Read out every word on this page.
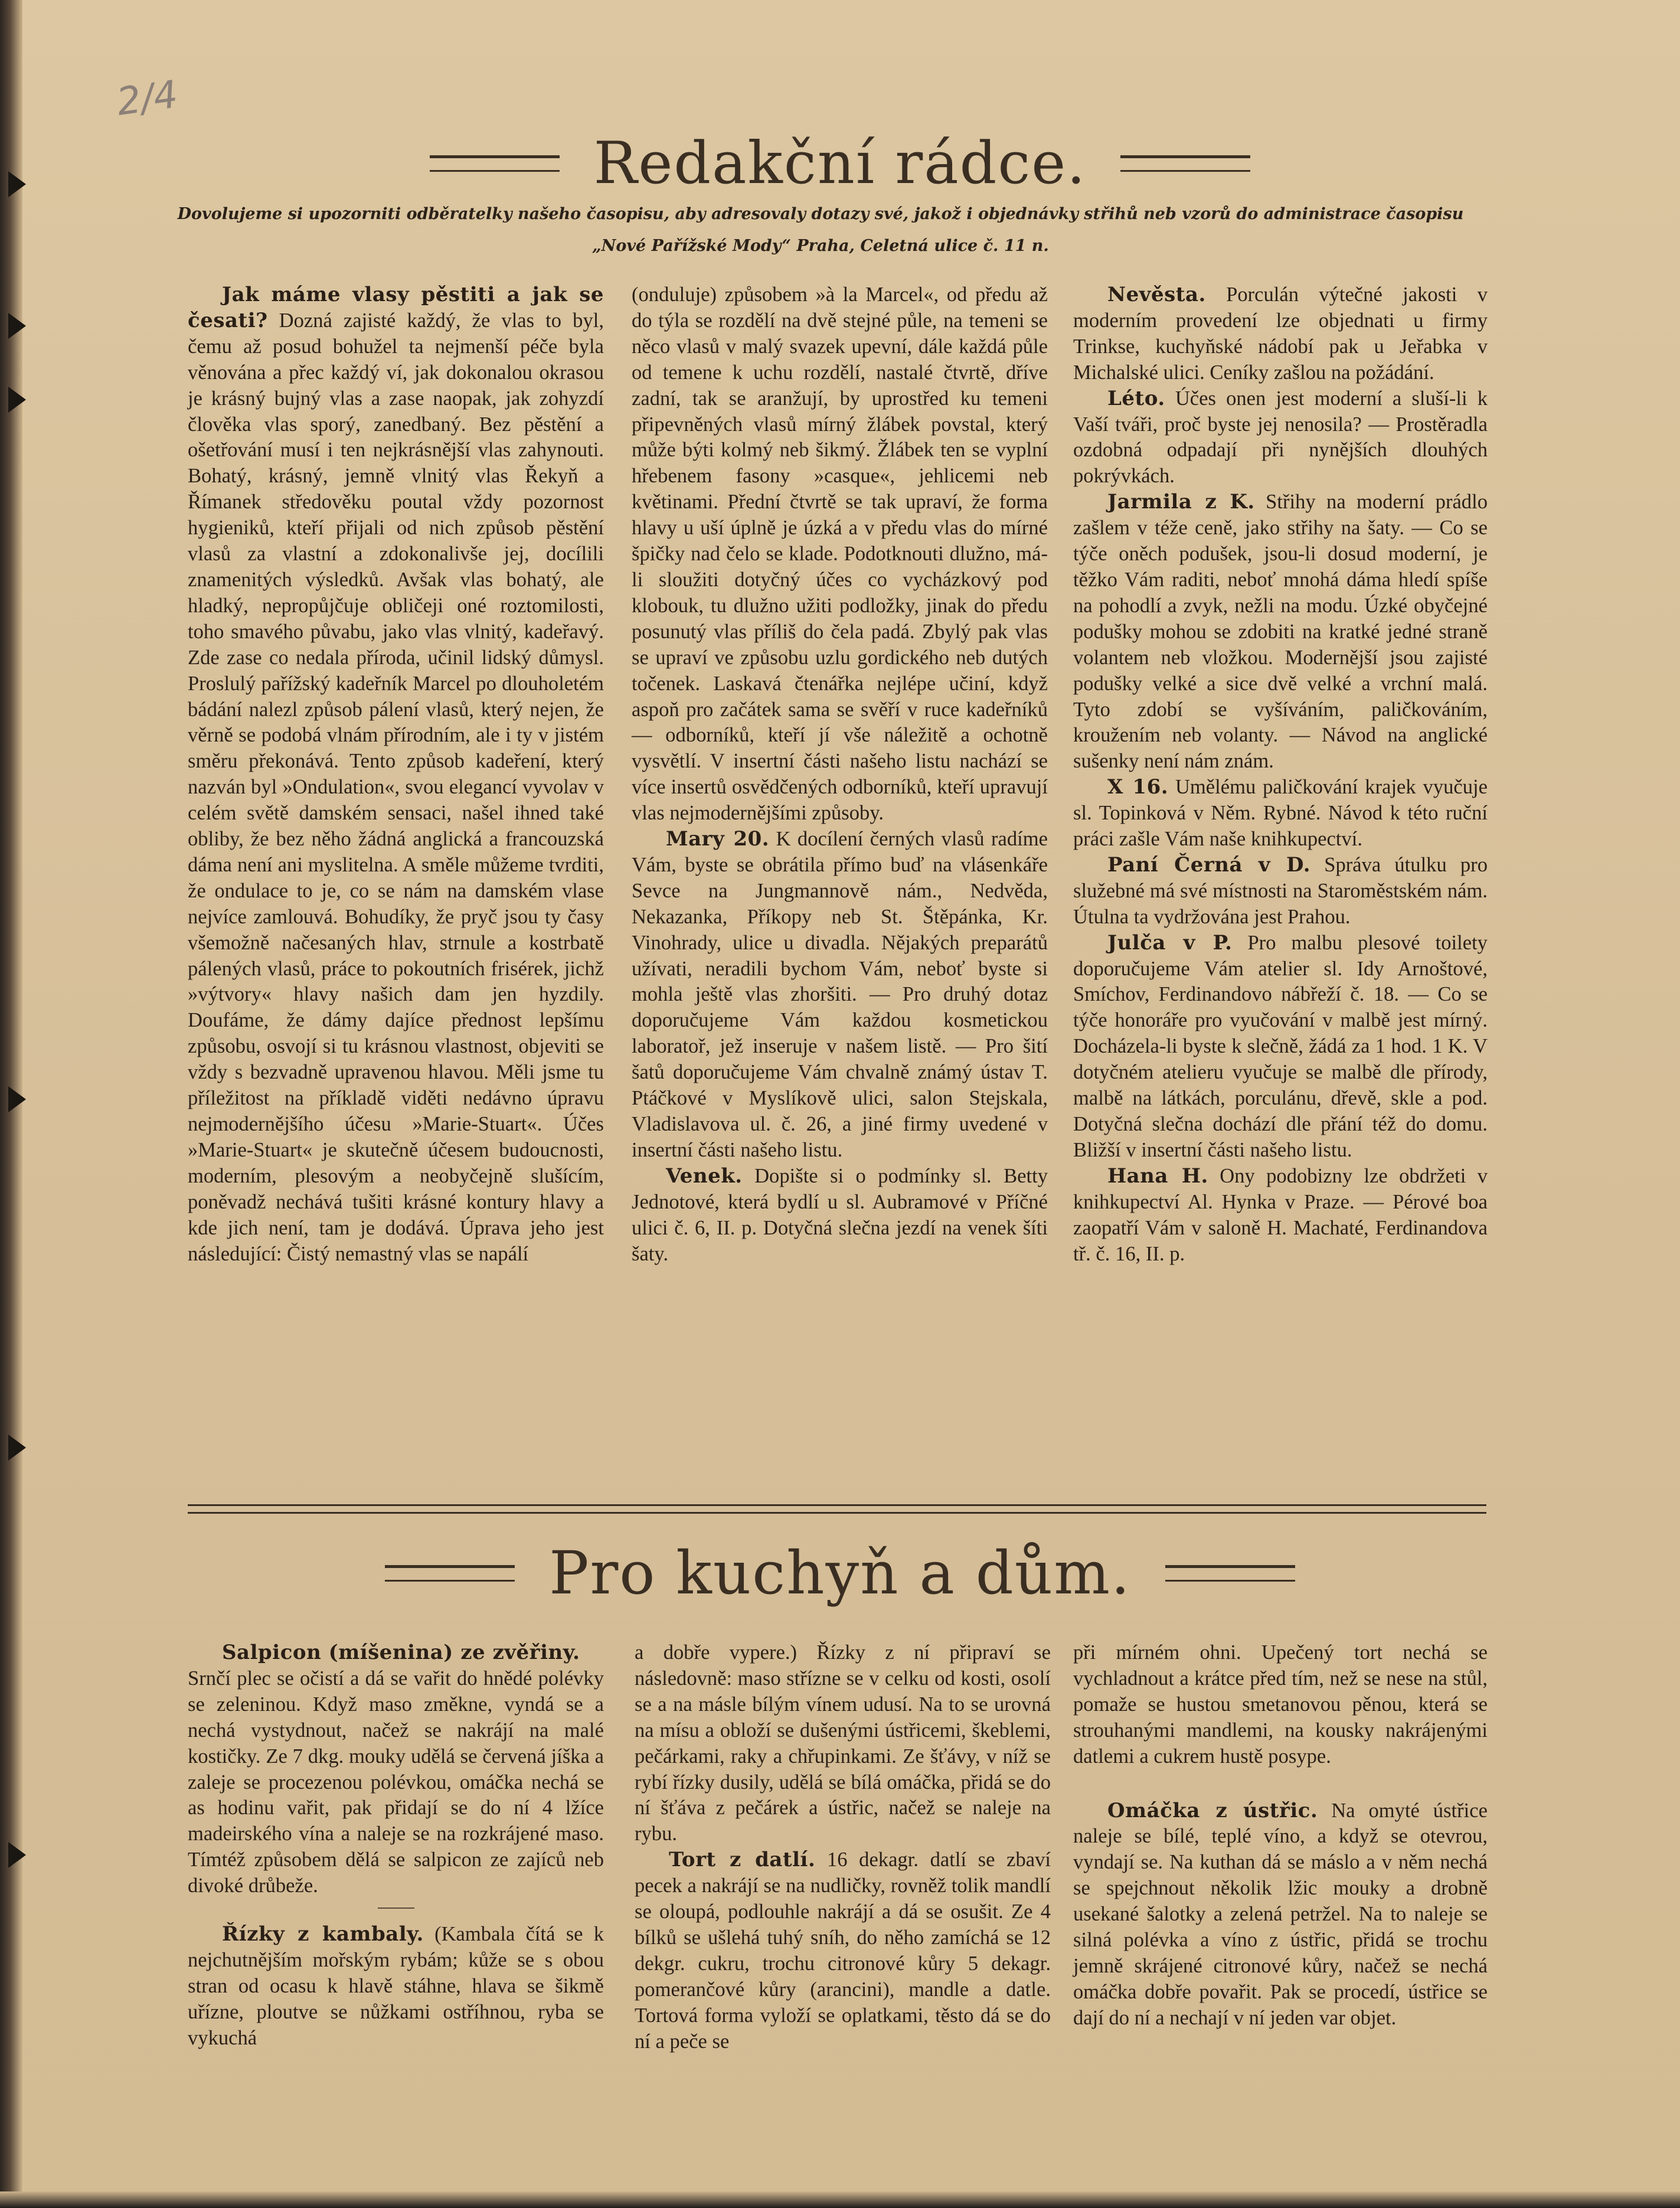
2/4
Redakční rádce.
Dovolujeme si upozorniti odběratelky našeho časopisu, aby adresovaly dotazy své, jakož i objednávky střihů neb vzorů do administrace časopisu „Nové Pařížské Mody“ Praha, Celetná ulice č. 11 n.

Jak máme vlasy pěstiti a jak se česati? Dozná zajisté každý, že vlas to byl, čemu až posud bohužel ta nejmenší péče byla věnována a přec každý ví, jak dokonalou okrasou je krásný bujný vlas a zase naopak, jak zohyzdí člověka vlas sporý, zanedbaný. Bez pěstění a ošetřování musí i ten nejkrásnější vlas zahynouti. Bohatý, krásný, jemně vlnitý vlas Řekyň a Římanek středověku poutal vždy pozornost hygieniků, kteří přijali od nich způsob pěstění vlasů za vlastní a zdokonalivše jej, docílili znamenitých výsledků. Avšak vlas bohatý, ale hladký, nepropůjčuje obličeji oné roztomilosti, toho smavého půvabu, jako vlas vlnitý, kadeřavý. Zde zase co nedala příroda, učinil lidský důmysl. Proslulý pařížský kadeřník Marcel po dlouholetém bádání nalezl způsob pálení vlasů, který nejen, že věrně se podobá vlnám přírodním, ale i ty v jistém směru překonává. Tento způsob kadeření, který nazván byl »Ondulation«, svou elegancí vyvolav v celém světě damském sensaci, našel ihned také obliby, že bez něho žádná anglická a francouzská dáma není ani myslitelna. A směle můžeme tvrditi, že ondulace to je, co se nám na damském vlase nejvíce zamlouvá. Bohudíky, že pryč jsou ty časy všemožně načesaných hlav, strnule a kostrbatě pálených vlasů, práce to pokoutních frisérek, jichž »výtvory« hlavy našich dam jen hyzdily. Doufáme, že dámy dajíce přednost lepšímu způsobu, osvojí si tu krásnou vlastnost, objeviti se vždy s bezvadně upravenou hlavou. Měli jsme tu příležitost na příkladě viděti nedávno úpravu nejmodernějšího účesu »Marie-Stuart«. Účes »Marie-Stuart« je skutečně účesem budoucnosti, moderním, plesovým a neobyčejně slušícím, poněvadž nechává tušiti krásné kontury hlavy a kde jich není, tam je dodává. Úprava jeho jest následující: Čistý nemastný vlas se napálí

(onduluje) způsobem »à la Marcel«, od předu až do týla se rozdělí na dvě stejné půle, na temeni se něco vlasů v malý svazek upevní, dále každá půle od temene k uchu rozdělí, nastalé čtvrtě, dříve zadní, tak se aranžují, by uprostřed ku temeni připevněných vlasů mírný žlábek povstal, který může býti kolmý neb šikmý. Žlábek ten se vyplní hřebenem fasony »casque«, jehlicemi neb květinami. Přední čtvrtě se tak upraví, že forma hlavy u uší úplně je úzká a v předu vlas do mírné špičky nad čelo se klade. Podotknouti dlužno, má-li sloužiti dotyčný účes co vycházkový pod klobouk, tu dlužno užiti podložky, jinak do předu posunutý vlas příliš do čela padá. Zbylý pak vlas se upraví ve způsobu uzlu gordického neb dutých točenek. Laskavá čtenářka nejlépe učiní, když aspoň pro začátek sama se svěří v ruce kadeřníků — odborníků, kteří jí vše náležitě a ochotně vysvětlí. V insertní části našeho listu nachází se více insertů osvědčených odborníků, kteří upravují vlas nejmodernějšími způsoby.

Mary 20. K docílení černých vlasů radíme Vám, byste se obrátila přímo buď na vlásenkáře Sevce na Jungmannově nám., Nedvěda, Nekazanka, Příkopy neb St. Štěpánka, Kr. Vinohrady, ulice u divadla. Nějakých preparátů užívati, neradili bychom Vám, neboť byste si mohla ještě vlas zhoršiti. — Pro druhý dotaz doporučujeme Vám každou kosmetickou laboratoř, jež inseruje v našem listě. — Pro šití šatů doporučujeme Vám chvalně známý ústav T. Ptáčkové v Myslíkově ulici, salon Stejskala, Vladislavova ul. č. 26, a jiné firmy uvedené v insertní části našeho listu.

Venek. Dopište si o podmínky sl. Betty Jednotové, která bydlí u sl. Aubramové v Příčné ulici č. 6, II. p. Dotyčná slečna jezdí na venek šíti šaty.

Nevěsta. Porculán výtečné jakosti v moderním provedení lze objednati u firmy Trinkse, kuchyňské nádobí pak u Jeřabka v Michalské ulici. Ceníky zašlou na požádání.

Léto. Účes onen jest moderní a sluší-li k Vaší tváři, proč byste jej nenosila? — Prostěradla ozdobná odpadají při nynějších dlouhých pokrývkách.

Jarmila z K. Střihy na moderní prádlo zašlem v téže ceně, jako střihy na šaty. — Co se týče oněch podušek, jsou-li dosud moderní, je těžko Vám raditi, neboť mnohá dáma hledí spíše na pohodlí a zvyk, nežli na modu. Úzké obyčejné podušky mohou se zdobiti na kratké jedné straně volantem neb vložkou. Modernější jsou zajisté podušky velké a sice dvě velké a vrchní malá. Tyto zdobí se vyšíváním, paličkováním, kroužením neb volanty. — Návod na anglické sušenky není nám znám.

X 16. Umělému paličkování krajek vyučuje sl. Topinková v Něm. Rybné. Návod k této ruční práci zašle Vám naše knihkupectví.

Paní Černá v D. Správa útulku pro služebné má své místnosti na Staroměstském nám. Útulna ta vydržována jest Prahou.

Julča v P. Pro malbu plesové toilety doporučujeme Vám atelier sl. Idy Arnoštové, Smíchov, Ferdinandovo nábřeží č. 18. — Co se týče honoráře pro vyučování v malbě jest mírný. Docházela-li byste k slečně, žádá za 1 hod. 1 K. V dotyčném atelieru vyučuje se malbě dle přírody, malbě na látkách, porculánu, dřevě, skle a pod. Dotyčná slečna dochází dle přání též do domu. Bližší v insertní části našeho listu.

Hana H. Ony podobizny lze obdržeti v knihkupectví Al. Hynka v Praze. — Pérové boa zaopatří Vám v saloně H. Machaté, Ferdinandova tř. č. 16, II. p.

Pro kuchyň a dům.

Salpicon (míšenina) ze zvěřiny.

Srnčí plec se očistí a dá se vařit do hnědé polévky se zeleninou. Když maso změkne, vyndá se a nechá vystydnout, načež se nakrájí na malé kostičky. Ze 7 dkg. mouky udělá se červená jíška a zaleje se procezenou polévkou, omáčka nechá se as hodinu vařit, pak přidají se do ní 4 lžíce madeirského vína a naleje se na rozkrájené maso. Tímtéž způsobem dělá se salpicon ze zajíců neb divoké drůbeže.

Řízky z kambaly. (Kambala čítá se k nejchutnějším mořským rybám; kůže se s obou stran od ocasu k hlavě stáhne, hlava se šikmě uřízne, ploutve se nůžkami ostříhnou, ryba se vykuchá

a dobře vypere.) Řízky z ní připraví se následovně: maso střízne se v celku od kosti, osolí se a na másle bílým vínem udusí. Na to se urovná na mísu a obloží se dušenými ústřicemi, škeblemi, pečárkami, raky a chřupinkami. Ze šťávy, v níž se rybí řízky dusily, udělá se bílá omáčka, přidá se do ní šťáva z pečárek a ústřic, načež se naleje na rybu.

Tort z datlí. 16 dekagr. datlí se zbaví pecek a nakrájí se na nudličky, rovněž tolik mandlí se oloupá, podlouhle nakrájí a dá se osušit. Ze 4 bílků se ušlehá tuhý sníh, do něho zamíchá se 12 dekgr. cukru, trochu citronové kůry 5 dekagr. pomerančové kůry (arancini), mandle a datle. Tortová forma vyloží se oplatkami, těsto dá se do ní a peče se

při mírném ohni. Upečený tort nechá se vychladnout a krátce před tím, než se nese na stůl, pomaže se hustou smetanovou pěnou, která se strouhanými mandlemi, na kousky nakrájenými datlemi a cukrem hustě posype.

Omáčka z ústřic. Na omyté ústřice naleje se bílé, teplé víno, a když se otevrou, vyndají se. Na kuthan dá se máslo a v něm nechá se spejchnout několik lžic mouky a drobně usekané šalotky a zelená petržel. Na to naleje se silná polévka a víno z ústřic, přidá se trochu jemně skrájené citronové kůry, načež se nechá omáčka dobře povařit. Pak se procedí, ústřice se dají do ní a nechají v ní jeden var objet.
